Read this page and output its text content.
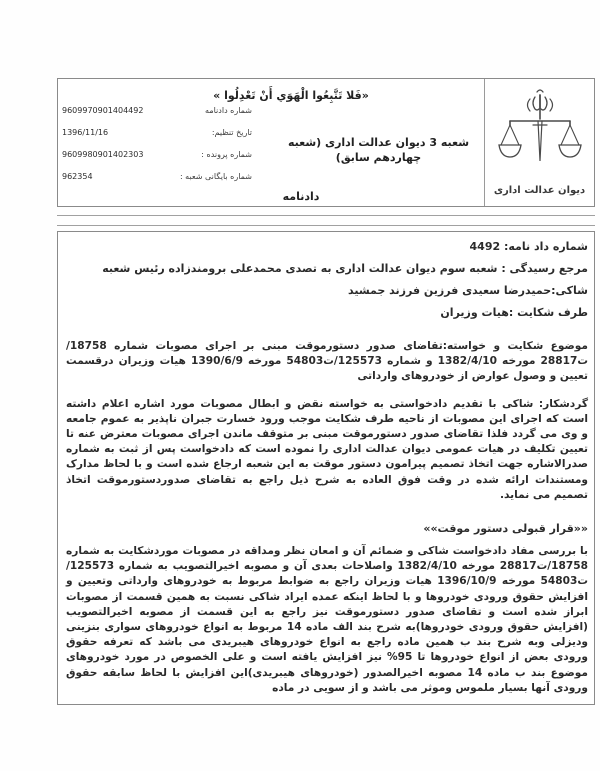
«فَلا تَتَّبِعُوا الْهَوَي أَنْ تَعْدِلُوا »
شماره دادنامه
9609970901404492
تاریخ تنظیم:
1396/11/16
شماره پرونده :
9609980901402303
شماره بایگانی شعبه :
962354
شعبه 3 دیوان عدالت اداری (شعبه چهاردهم سابق)
دادنامه	دیوان عدالت اداری
شماره داد نامه: 4492
مرجع رسیدگی : شعبه سوم دیوان عدالت اداری به تصدی محمدعلی برومندزاده رئیس شعبه
شاکی:حمیدرضا سعیدی فرزین فرزند جمشید
طرف شکایت :هیات وزیران
موضوع شکایت و خواسته:تقاضای صدور دستورموقت مبنی بر اجرای مصوبات شماره 18758/ت28817 مورخه 1382/4/10 و شماره 125573/ت54803 مورخه 1390/6/9 هیات وزیران درقسمت تعیین و وصول عوارض از خودروهای وارداتی
گردشکار: شاکی با تقدیم دادخواستی به خواسته نقض و ابطال مصوبات مورد اشاره اعلام داشته است که اجرای این مصوبات از ناحیه طرف شکایت موجب ورود خسارت جبران ناپذیر به عموم جامعه و وی می گردد فلذا تقاضای صدور دستورموقت مبنی بر متوقف ماندن اجرای مصوبات معترض عنه تا تعیین تکلیف در هیات عمومی دیوان عدالت اداری را نموده است که دادخواست پس از ثبت به شماره صدرالاشاره جهت اتخاذ تصمیم پیرامون دستور موقت به این شعبه ارجاع شده است و با لحاظ مدارک ومستندات ارائه شده در وقت فوق العاده به شرح ذیل راجع به تقاضای صدوردستورموقت اتخاذ تصمیم می نماید.
««قرار قبولی دستور موقت»»
با بررسی مفاد دادخواست شاکی و ضمائم آن و امعان نظر ومداقه در مصوبات موردشکایت به شماره 18758/ت28817 مورخه 1382/4/10 واصلاحات بعدی آن و مصوبه اخیرالتصویب به شماره 125573/ت54803 مورخه 1396/10/9 هیات وزیران راجع به ضوابط مربوط به خودروهای وارداتی وتعیین و افزایش حقوق ورودی خودروها و با لحاظ اینکه عمده ایراد شاکی نسبت به همین قسمت از مصوبات ابراز شده است و تقاضای صدور دستورموقت نیز راجع به این قسمت از مصوبه اخیرالتصویب (افزایش حقوق ورودی خودروها)به شرح بند الف ماده 14 مربوط به انواع خودروهای سواری بنزینی ودیزلی وبه شرح بند ب همین ماده راجع به انواع خودروهای هیبریدی می باشد که تعرفه حقوق ورودی بعض از انواع خودروها تا 95% نیز افزایش یافته است و علی الخصوص در مورد خودروهای موضوع بند ب ماده 14 مصوبه اخیرالصدور (خودروهای هیبریدی)این افزایش با لحاظ سابقه حقوق ورودی آنها بسیار ملموس وموثر می باشد و از سویی در ماده
